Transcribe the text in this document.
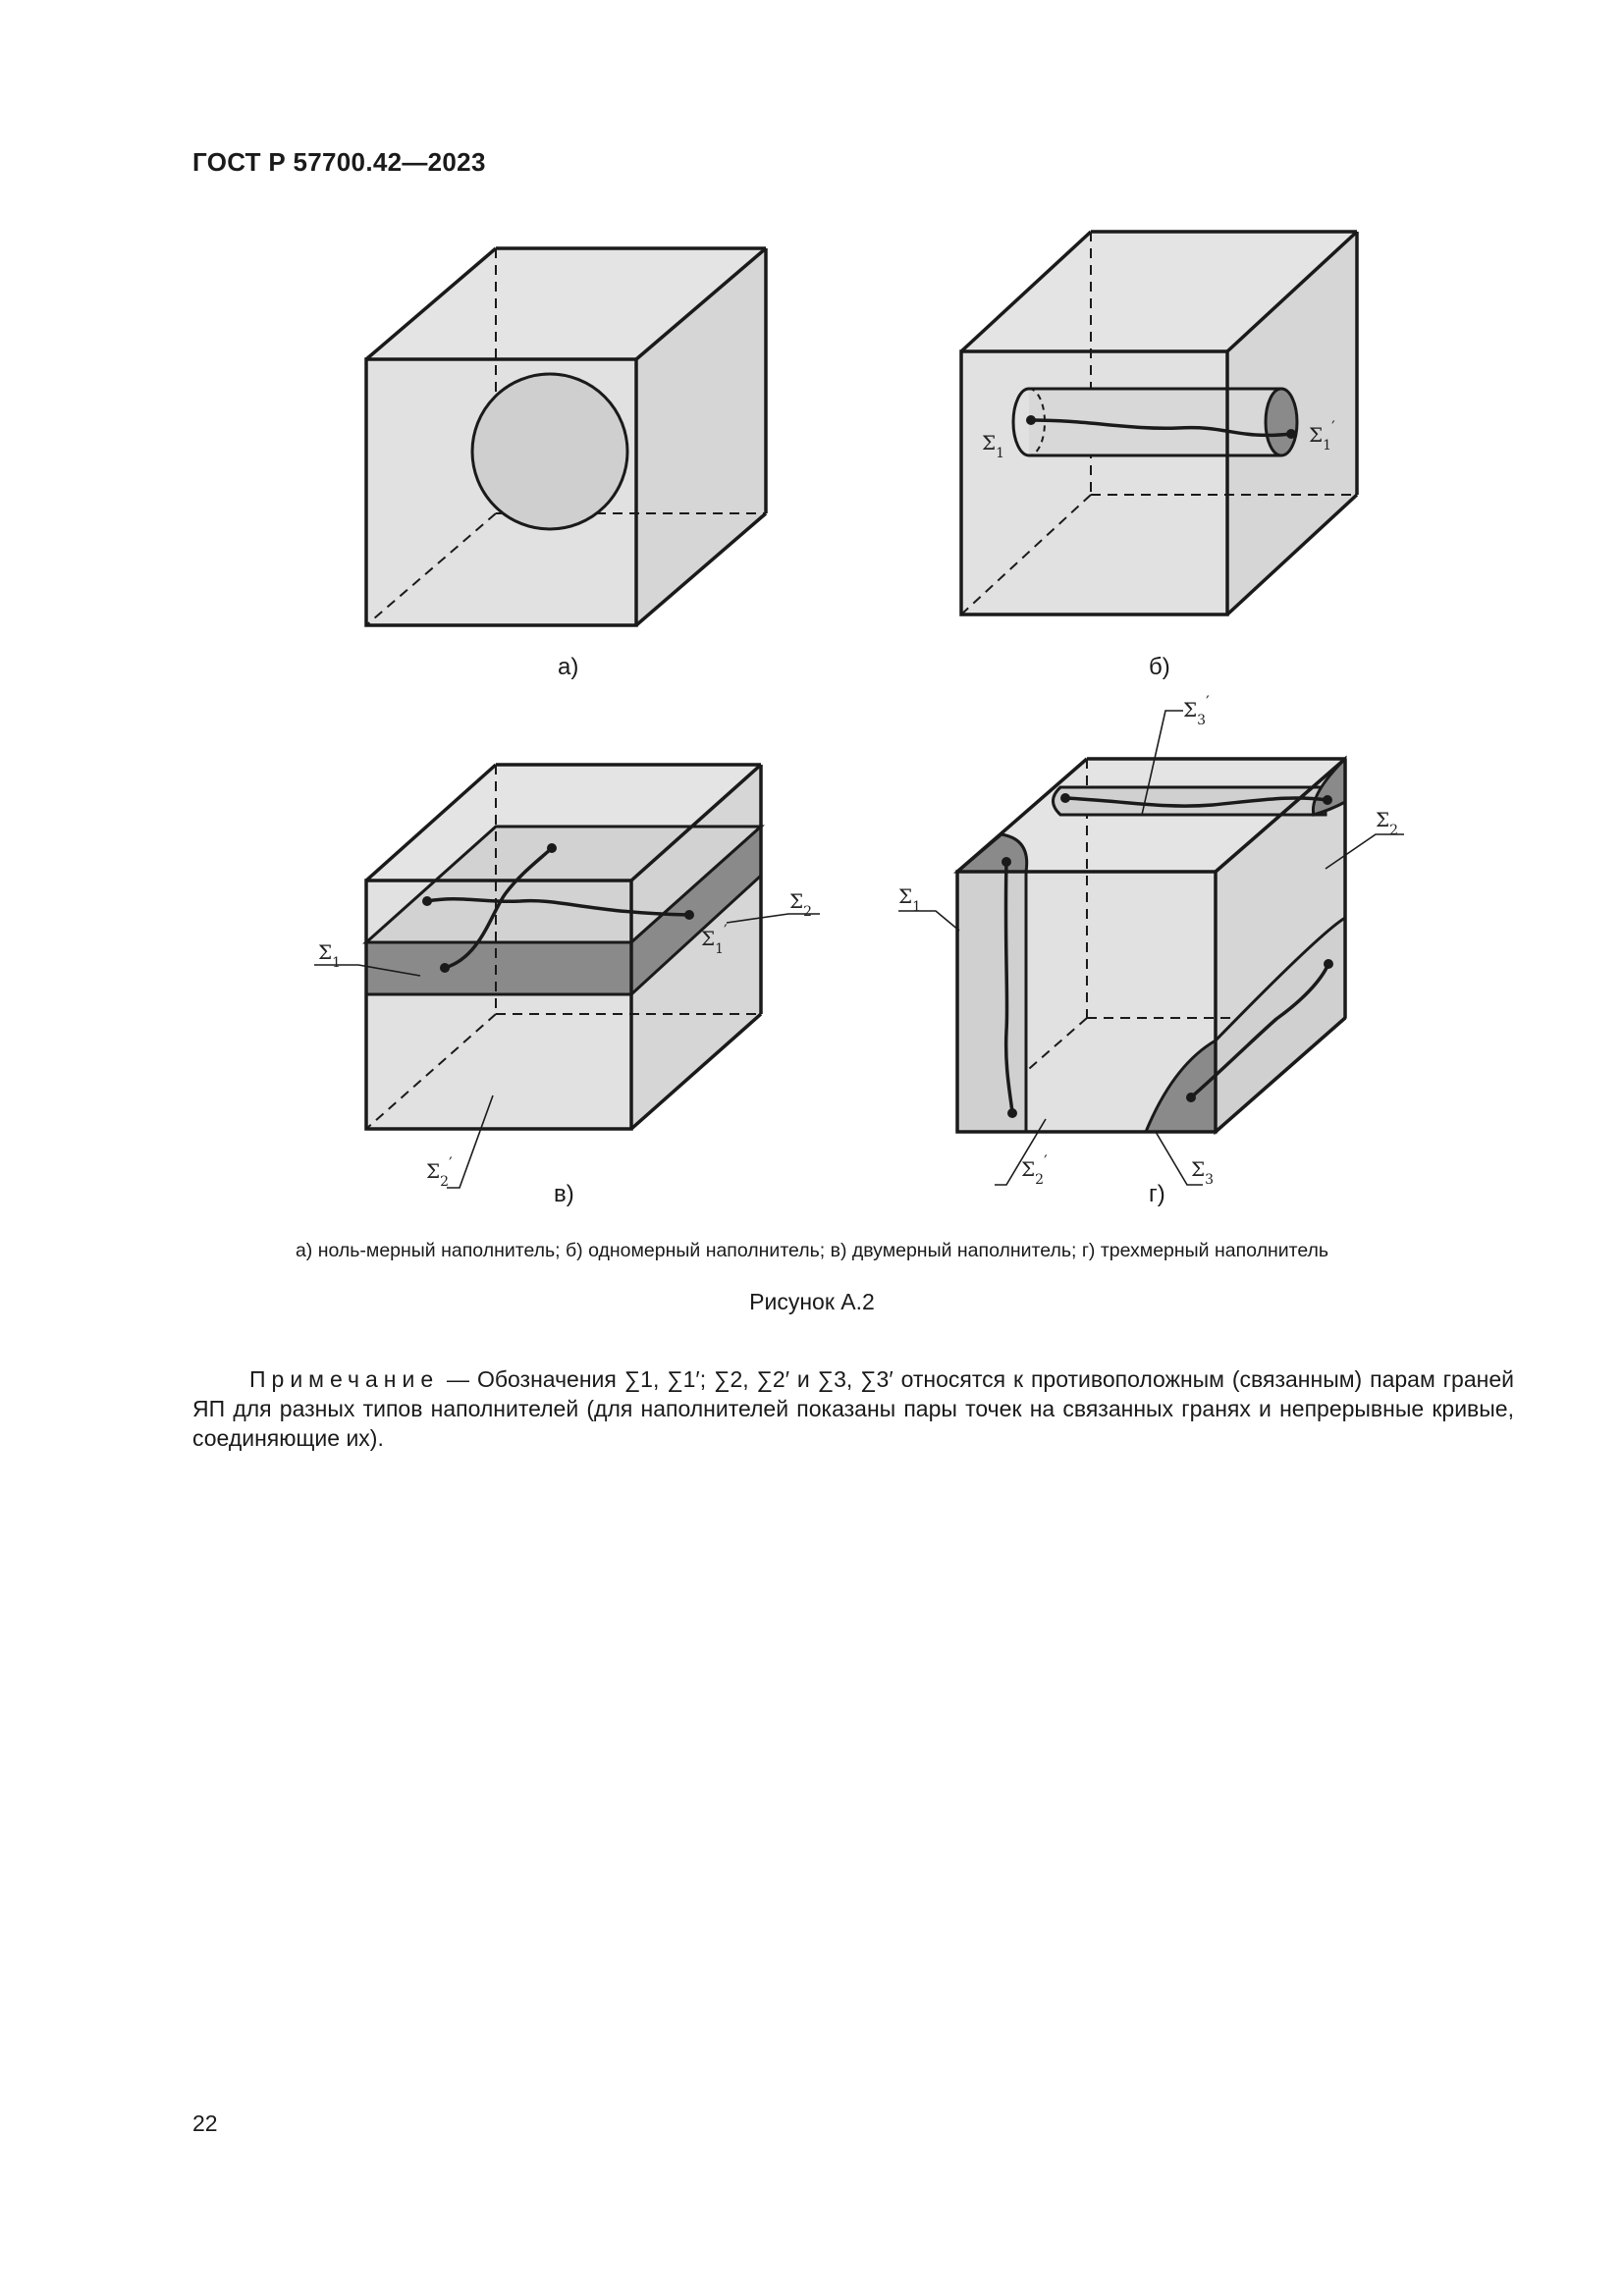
ГОСТ Р 57700.42—2023
а)
$\Sigma_1$
$\Sigma_1'$
б)
$\Sigma_1$
$\Sigma_1'$
$\Sigma_2$
$\Sigma_2'$
в)
$\Sigma_1$
$\Sigma_2$
$\Sigma_3'$
$\Sigma_2'$	$\Sigma_3$
г)
а) ноль-мерный наполнитель; б) одномерный наполнитель; в) двумерный наполнитель; г) трехмерный наполнитель
Рисунок А.2
Примечание — Обозначения ∑1, ∑1′; ∑2, ∑2′ и ∑3, ∑3′ относятся к противоположным (связанным) парам граней ЯП для разных типов наполнителей (для наполнителей показаны пары точек на связанных гранях и непрерывные кривые, соединяющие их).
22
